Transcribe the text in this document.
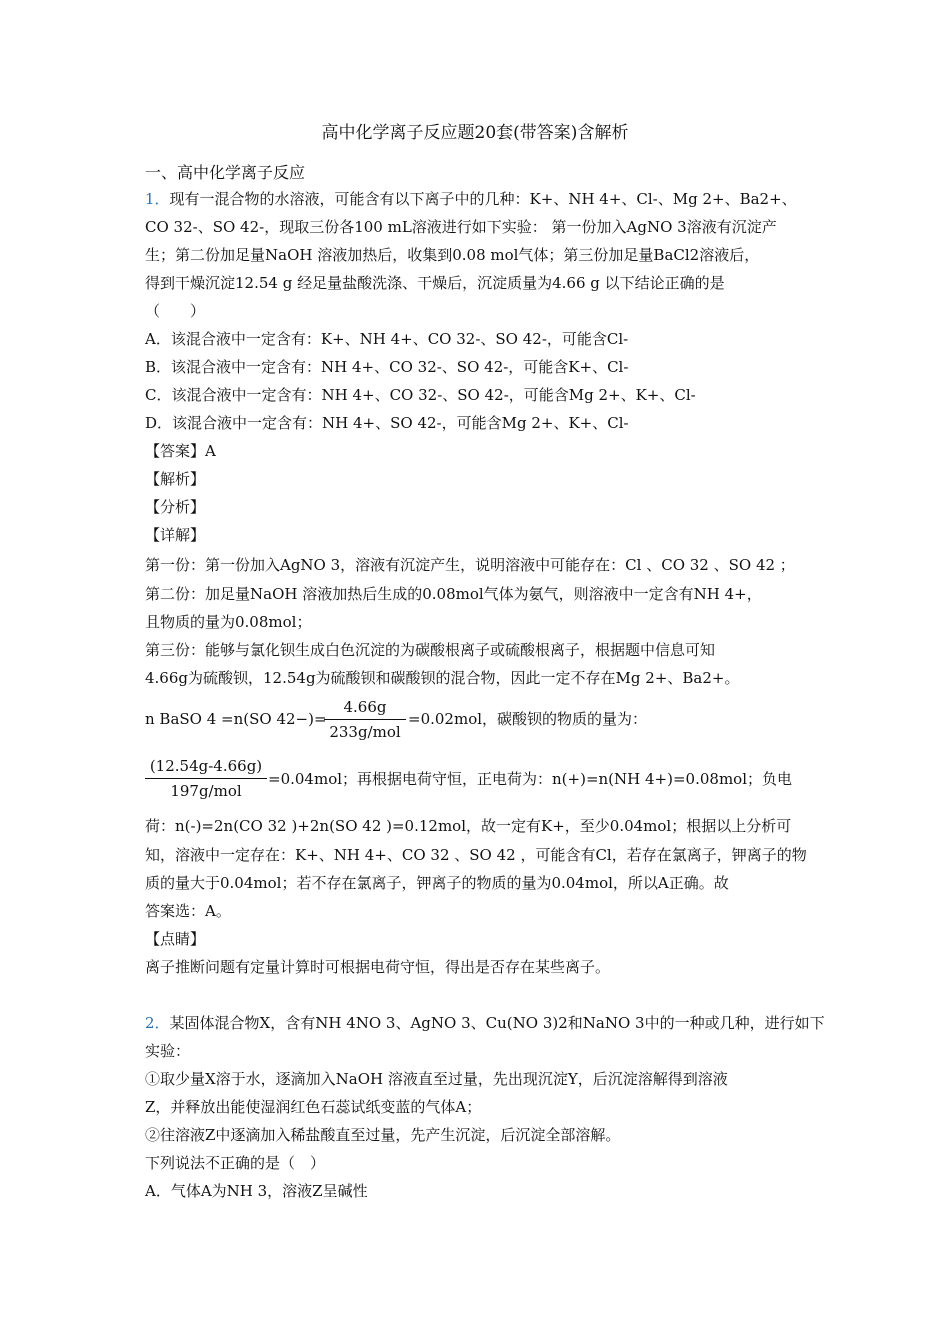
高中化学离子反应题20套(带答案)含解析
一、高中化学离子反应
1．现有一混合物的水溶液，可能含有以下离子中的几种：K+、NH 4+、Cl-、Mg 2+、Ba2+、
CO 32-、SO 42-，现取三份各100 mL溶液进行如下实验： 第一份加入AgNO 3溶液有沉淀产
生；第二份加足量NaOH 溶液加热后，收集到0.08 mol气体；第三份加足量BaCl2溶液后，
得到干燥沉淀12.54 g 经足量盐酸洗涤、干燥后，沉淀质量为4.66 g 以下结论正确的是
（　　）
A．该混合液中一定含有：K+、NH 4+、CO 32-、SO 42-，可能含Cl-
B．该混合液中一定含有：NH 4+、CO 32-、SO 42-，可能含K+、Cl-
C．该混合液中一定含有：NH 4+、CO 32-、SO 42-，可能含Mg 2+、K+、Cl-
D．该混合液中一定含有：NH 4+、SO 42-，可能含Mg 2+、K+、Cl-
【答案】A
【解析】
【分析】
【详解】
第一份：第一份加入AgNO 3，溶液有沉淀产生，说明溶液中可能存在：Cl 、CO 32 、SO 42 ；
第二份：加足量NaOH 溶液加热后生成的0.08mol气体为氨气，则溶液中一定含有NH 4+，
且物质的量为0.08mol；
第三份：能够与氯化钡生成白色沉淀的为碳酸根离子或硫酸根离子，根据题中信息可知
4.66g为硫酸钡，12.54g为硫酸钡和碳酸钡的混合物，因此一定不存在Mg 2+、Ba2+。
n BaSO 4 =n(SO 42−)=
4.66g
233g/mol
=0.02mol，碳酸钡的物质的量为：
(12.54g-4.66g)
197g/mol
=0.04mol；再根据电荷守恒，正电荷为：n(+)=n(NH 4+)=0.08mol；负电
荷：n(-)=2n(CO 32 )+2n(SO 42 )=0.12mol，故一定有K+，至少0.04mol；根据以上分析可
知，溶液中一定存在：K+、NH 4+、CO 32 、SO 42 ，可能含有Cl，若存在氯离子，钾离子的物
质的量大于0.04mol；若不存在氯离子，钾离子的物质的量为0.04mol，所以A正确。故
答案选：A。
【点睛】
离子推断问题有定量计算时可根据电荷守恒，得出是否存在某些离子。
2．某固体混合物X，含有NH 4NO 3、AgNO 3、Cu(NO 3)2和NaNO 3中的一种或几种，进行如下
实验：
①取少量X溶于水，逐滴加入NaOH 溶液直至过量，先出现沉淀Y，后沉淀溶解得到溶液
Z，并释放出能使湿润红色石蕊试纸变蓝的气体A；
②往溶液Z中逐滴加入稀盐酸直至过量，先产生沉淀，后沉淀全部溶解。
下列说法不正确的是（　）
A．气体A为NH 3，溶液Z呈碱性
